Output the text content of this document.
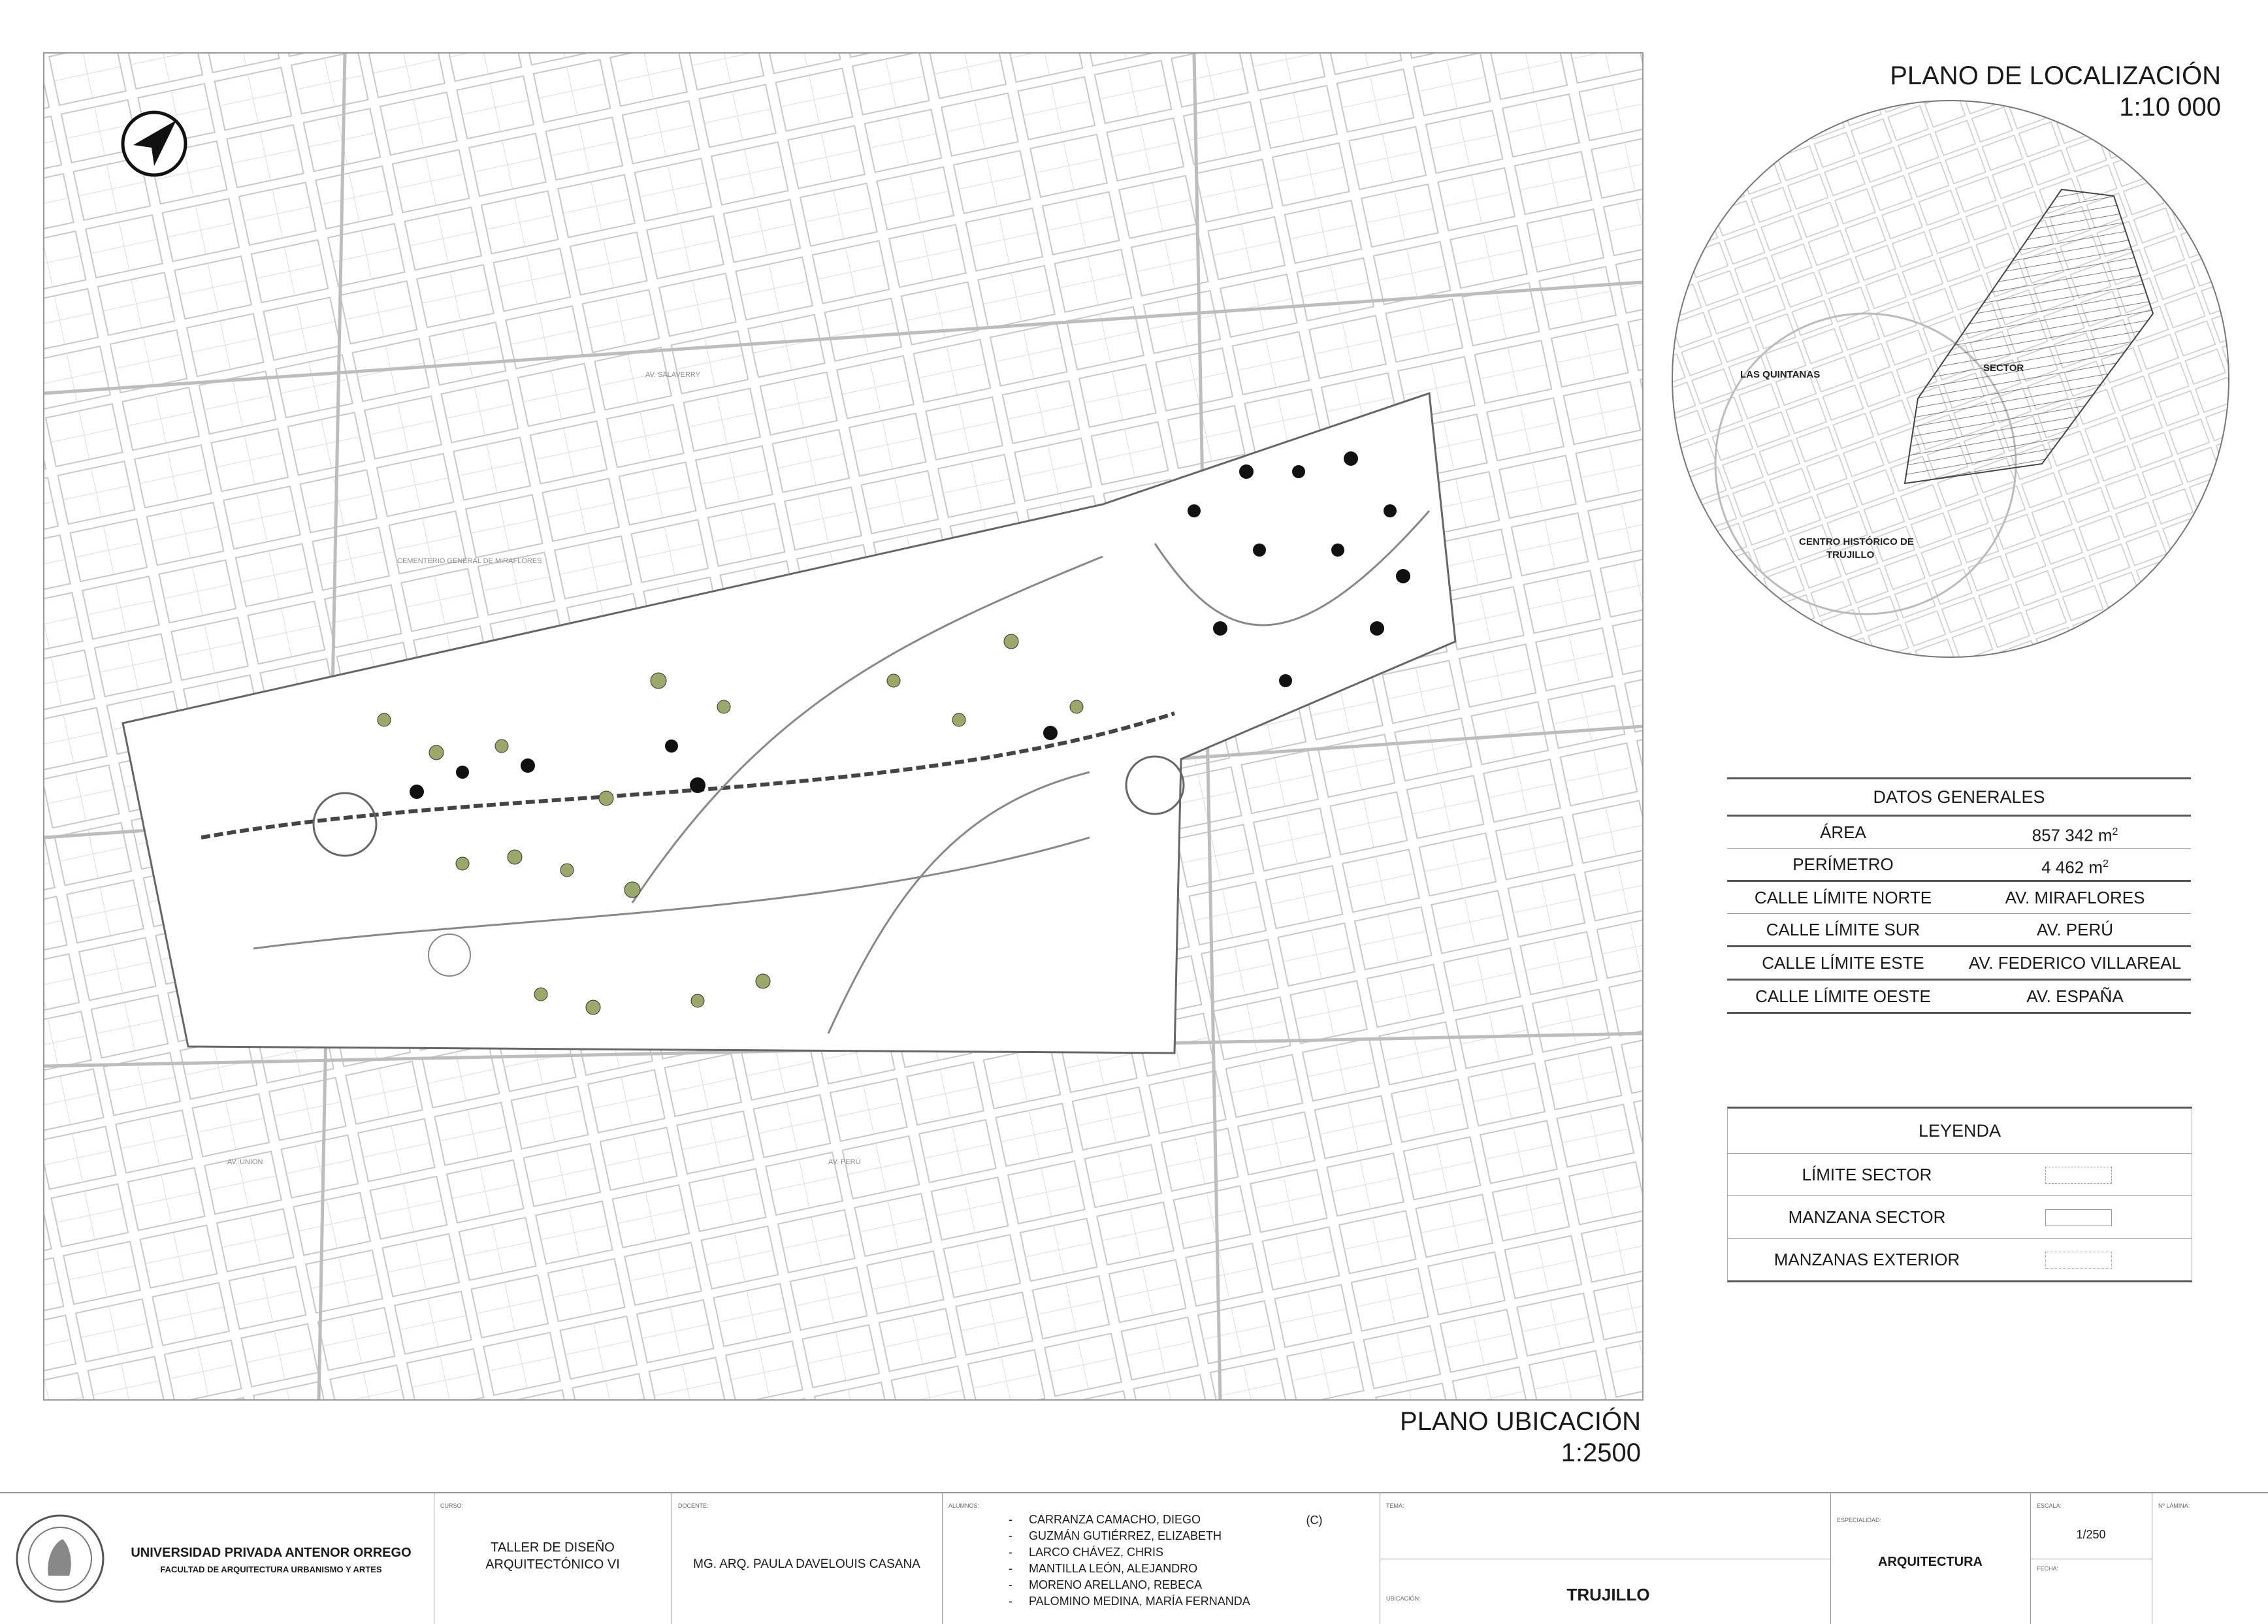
AV. SALAVERRY
CEMENTERIO GENERAL DE MIRAFLORES
AV. UNION	AV. PERÚ
PLANO UBICACIÓN
1:2500
PLANO DE LOCALIZACIÓN
1:10 000
LAS QUINTANAS
SECTOR
CENTRO HISTÓRICO DE
TRUJILLO
DATOS GENERALES
ÁREA	857 342 $m^2$
PERÍMETRO	4 462 $m^2$
CALLE LÍMITE NORTE	AV. MIRAFLORES
CALLE LÍMITE SUR	AV. PERÚ
CALLE LÍMITE ESTE	AV. FEDERICO VILLAREAL
CALLE LÍMITE OESTE	AV. ESPAÑA
LEYENDA
LÍMITE SECTOR
MANZANA SECTOR
MANZANAS EXTERIOR
UNIVERSIDAD PRIVADA ANTENOR ORREGO
FACULTAD DE ARQUITECTURA URBANISMO Y ARTES
CURSO:
TALLER DE DISEÑO
ARQUITECTÓNICO VI
DOCENTE:
MG. ARQ. PAULA DAVELOUIS CASANA
ALUMNOS:
(C)
-     CARRANZA CAMACHO, DIEGO
-     GUZMÁN GUTIÉRREZ, ELIZABETH
-     LARCO CHÁVEZ, CHRIS
-     MANTILLA LEÓN, ALEJANDRO
-     MORENO ARELLANO, REBECA
-     PALOMINO MEDINA, MARÍA FERNANDA
TEMA:
UBICACIÓN:	TRUJILLO
ESPECIALIDAD:
ARQUITECTURA
ESCALA:
1/250
FECHA:
Nº LÁMINA:
